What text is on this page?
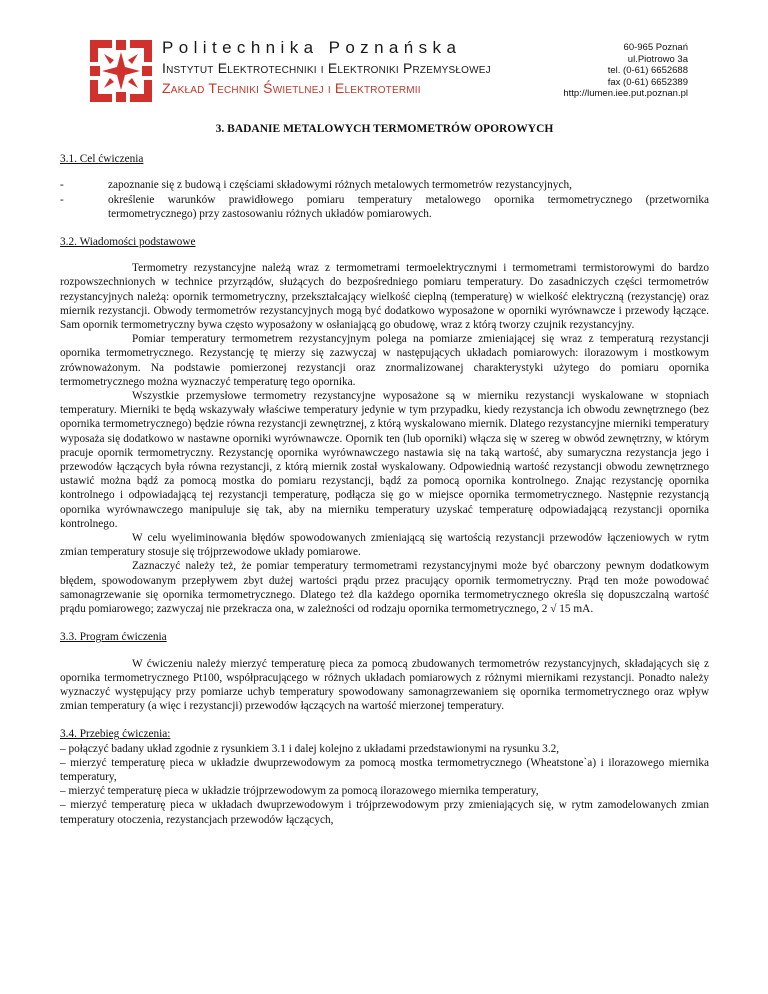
Politechnika Poznańska
Instytut Elektrotechniki i Elektroniki Przemysłowej
Zakład Techniki Świetlnej i Elektrotermii
60-965 Poznań
ul.Piotrowo 3a
tel. (0-61) 6652688
fax (0-61) 6652389
http://lumen.iee.put.poznan.pl
3. BADANIE METALOWYCH TERMOMETRÓW OPOROWYCH
3.1. Cel ćwiczenia
- zapoznanie się z budową i częściami składowymi różnych metalowych termometrów rezystancyjnych,
- określenie warunków prawidłowego pomiaru temperatury metalowego opornika termometrycznego (przetwornika termometrycznego) przy zastosowaniu różnych układów pomiarowych.
3.2. Wiadomości podstawowe

Termometry rezystancyjne należą wraz z termometrami termoelektrycznymi i termometrami termistorowymi do bardzo rozpowszechnionych w technice przyrządów, służących do bezpośredniego pomiaru temperatury. Do zasadniczych części termometrów rezystancyjnych należą: opornik termometryczny, przekształcający wielkość cieplną (temperaturę) w wielkość elektryczną (rezystancję) oraz miernik rezystancji. Obwody termometrów rezystancyjnych mogą być dodatkowo wyposażone w oporniki wyrównawcze i przewody łączące. Sam opornik termometryczny bywa często wyposażony w osłaniającą go obudowę, wraz z którą tworzy czujnik rezystancyjny.

Pomiar temperatury termometrem rezystancyjnym polega na pomiarze zmieniającej się wraz z temperaturą rezystancji opornika termometrycznego. Rezystancję tę mierzy się zazwyczaj w następujących układach pomiarowych: ilorazowym i mostkowym zrównoważonym. Na podstawie pomierzonej rezystancji oraz znormalizowanej charakterystyki użytego do pomiaru opornika termometrycznego można wyznaczyć temperaturę tego opornika.

Wszystkie przemysłowe termometry rezystancyjne wyposażone są w mierniku rezystancji wyskalowane w stopniach temperatury. Mierniki te będą wskazywały właściwe temperatury jedynie w tym przypadku, kiedy rezystancja ich obwodu zewnętrznego (bez opornika termometrycznego) będzie równa rezystancji zewnętrznej, z którą wyskalowano miernik. Dlatego rezystancyjne mierniki temperatury wyposaża się dodatkowo w nastawne oporniki wyrównawcze. Opornik ten (lub oporniki) włącza się w szereg w obwód zewnętrzny, w którym pracuje opornik termometryczny. Rezystancję opornika wyrównawczego nastawia się na taką wartość, aby sumaryczna rezystancja jego i przewodów łączących była równa rezystancji, z którą miernik został wyskalowany. Odpowiednią wartość rezystancji obwodu zewnętrznego ustawić można bądź za pomocą mostka do pomiaru rezystancji, bądź za pomocą opornika kontrolnego. Znając rezystancję opornika kontrolnego i odpowiadającą tej rezystancji temperaturę, podłącza się go w miejsce opornika termometrycznego. Następnie rezystancją opornika wyrównawczego manipuluje się tak, aby na mierniku temperatury uzyskać temperaturę odpowiadającą rezystancji opornika kontrolnego.

W celu wyeliminowania błędów spowodowanych zmieniającą się wartością rezystancji przewodów łączeniowych w rytm zmian temperatury stosuje się trójprzewodowe układy pomiarowe.

Zaznaczyć należy też, że pomiar temperatury termometrami rezystancyjnymi może być obarczony pewnym dodatkowym błędem, spowodowanym przepływem zbyt dużej wartości prądu przez pracujący opornik termometryczny. Prąd ten może powodować samonagrzewanie się opornika termometrycznego. Dlatego też dla każdego opornika termometrycznego określa się dopuszczalną wartość prądu pomiarowego; zazwyczaj nie przekracza ona, w zależności od rodzaju opornika termometrycznego, 2 √ 15 mA.

3.3. Program ćwiczenia

W ćwiczeniu należy mierzyć temperaturę pieca za pomocą zbudowanych termometrów rezystancyjnych, składających się z opornika termometrycznego Pt100, współpracującego w różnych układach pomiarowych z różnymi miernikami rezystancji. Ponadto należy wyznaczyć występujący przy pomiarze uchyb temperatury spowodowany samonagrzewaniem się opornika termometrycznego oraz wpływ zmian temperatury (a więc i rezystancji) przewodów łączących na wartość mierzonej temperatury.

3.4. Przebieg ćwiczenia:

– połączyć badany układ zgodnie z rysunkiem 3.1 i dalej kolejno z układami przedstawionymi na rysunku 3.2,

– mierzyć temperaturę pieca w układzie dwuprzewodowym za pomocą mostka termometrycznego (Wheatstone`a) i ilorazowego miernika temperatury,

– mierzyć temperaturę pieca w układzie trójprzewodowym za pomocą ilorazowego miernika temperatury,

– mierzyć temperaturę pieca w układach dwuprzewodowym i trójprzewodowym przy zmieniających się, w rytm zamodelowanych zmian temperatury otoczenia, rezystancjach przewodów łączących,
